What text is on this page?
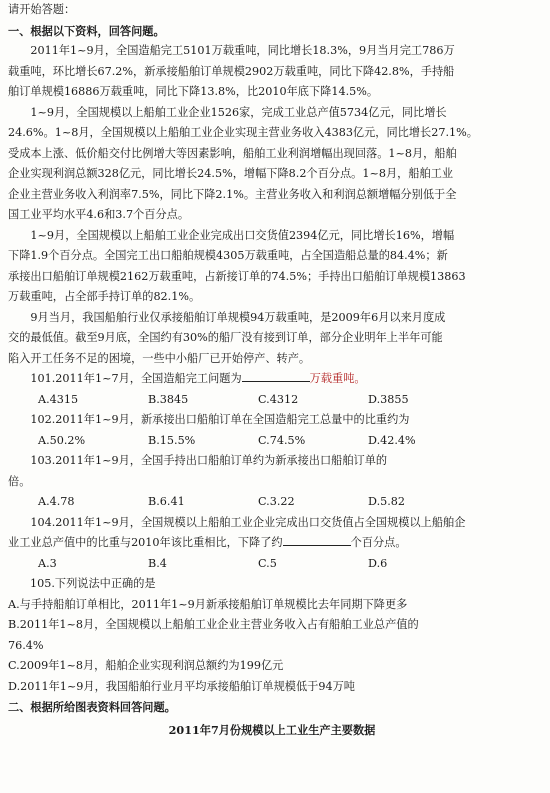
请开始答题：
一、根据以下资料，回答问题。
2011年1~9月，全国造船完工5101万载重吨，同比增长18.3%，9月当月完工786万
载重吨，环比增长67.2%，新承接船舶订单规模2902万载重吨，同比下降42.8%，手持船
舶订单规模16886万载重吨，同比下降13.8%，比2010年底下降14.5%。
1~9月，全国规模以上船舶工业企业1526家，完成工业总产值5734亿元，同比增长
24.6%。1~8月，全国规模以上船舶工业企业实现主营业务收入4383亿元，同比增长27.1%。
受成本上涨、低价船交付比例增大等因素影响，船舶工业利润增幅出现回落。1~8月，船舶
企业实现利润总额328亿元，同比增长24.5%，增幅下降8.2个百分点。1~8月，船舶工业
企业主营业务收入利润率7.5%，同比下降2.1%。主营业务收入和利润总额增幅分别低于全
国工业平均水平4.6和3.7个百分点。
1~9月，全国规模以上船舶工业企业完成出口交货值2394亿元，同比增长16%，增幅
下降1.9个百分点。全国完工出口船舶规模4305万载重吨，占全国造船总量的84.4%；新
承接出口船舶订单规模2162万载重吨，占新接订单的74.5%；手持出口船舶订单规模13863
万载重吨，占全部手持订单的82.1%。
9月当月，我国船舶行业仅承接船舶订单规模94万载重吨，是2009年6月以来月度成
交的最低值。截至9月底，全国约有30%的船厂没有接到订单，部分企业明年上半年可能
陷入开工任务不足的困境，一些中小船厂已开始停产、转产。
101.2011年1~7月，全国造船完工问题为	万载重吨。
A.4315	B.3845	C.4312	D.3855
102.2011年1~9月，新承接出口船舶订单在全国造船完工总量中的比重约为
A.50.2%	B.15.5%	C.74.5%	D.42.4%
103.2011年1~9月，全国手持出口船舶订单约为新承接出口船舶订单的
倍。
A.4.78	B.6.41	C.3.22	D.5.82
104.2011年1~9月，全国规模以上船舶工业企业完成出口交货值占全国规模以上船舶企
业工业总产值中的比重与2010年该比重相比，下降了约	个百分点。
A.3	B.4	C.5	D.6
105.下列说法中正确的是
A.与手持船舶订单相比，2011年1~9月新承接船舶订单规模比去年同期下降更多
B.2011年1~8月，全国规模以上船舶工业企业主营业务收入占有船舶工业总产值的
76.4%
C.2009年1~8月，船舶企业实现利润总额约为199亿元
D.2011年1~9月，我国船舶行业月平均承接船舶订单规模低于94万吨
二、根据所给图表资料回答问题。
2011年7月份规模以上工业生产主要数据
